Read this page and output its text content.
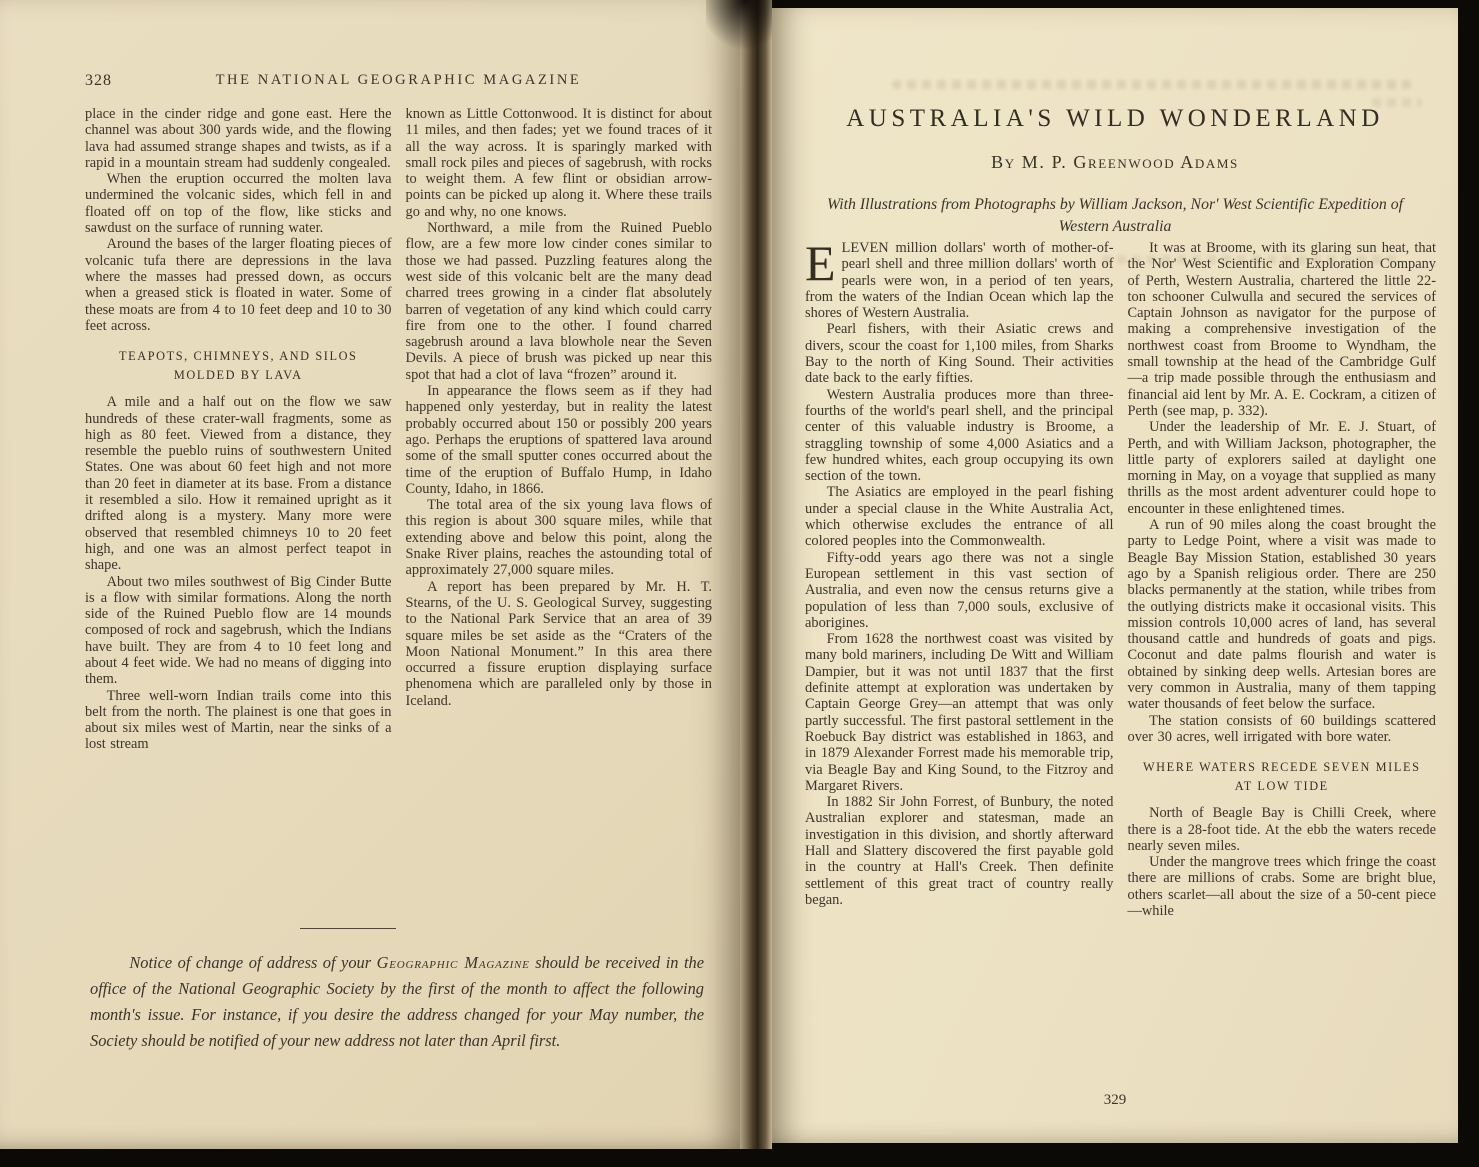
328	THE NATIONAL GEOGRAPHIC MAGAZINE

place in the cinder ridge and gone east. Here the channel was about 300 yards wide, and the flowing lava had assumed strange shapes and twists, as if a rapid in a mountain stream had suddenly congealed.

When the eruption occurred the molten lava undermined the volcanic sides, which fell in and floated off on top of the flow, like sticks and sawdust on the surface of running water.

Around the bases of the larger floating pieces of volcanic tufa there are depressions in the lava where the masses had pressed down, as occurs when a greased stick is floated in water. Some of these moats are from 4 to 10 feet deep and 10 to 30 feet across.

TEAPOTS, CHIMNEYS, AND SILOS MOLDED BY LAVA

A mile and a half out on the flow we saw hundreds of these crater-wall fragments, some as high as 80 feet. Viewed from a distance, they resemble the pueblo ruins of southwestern United States. One was about 60 feet high and not more than 20 feet in diameter at its base. From a distance it resembled a silo. How it remained upright as it drifted along is a mystery. Many more were observed that resembled chimneys 10 to 20 feet high, and one was an almost perfect teapot in shape.

About two miles southwest of Big Cinder Butte is a flow with similar formations. Along the north side of the Ruined Pueblo flow are 14 mounds composed of rock and sagebrush, which the Indians have built. They are from 4 to 10 feet long and about 4 feet wide. We had no means of digging into them.

Three well-worn Indian trails come into this belt from the north. The plainest is one that goes in about six miles west of Martin, near the sinks of a lost stream

known as Little Cottonwood. It is distinct for about 11 miles, and then fades; yet we found traces of it all the way across. It is sparingly marked with small rock piles and pieces of sagebrush, with rocks to weight them. A few flint or obsidian arrow-points can be picked up along it. Where these trails go and why, no one knows.

Northward, a mile from the Ruined Pueblo flow, are a few more low cinder cones similar to those we had passed. Puzzling features along the west side of this volcanic belt are the many dead charred trees growing in a cinder flat absolutely barren of vegetation of any kind which could carry fire from one to the other. I found charred sagebrush around a lava blowhole near the Seven Devils. A piece of brush was picked up near this spot that had a clot of lava “frozen” around it.

In appearance the flows seem as if they had happened only yesterday, but in reality the latest probably occurred about 150 or possibly 200 years ago. Perhaps the eruptions of spattered lava around some of the small sputter cones occurred about the time of the eruption of Buffalo Hump, in Idaho County, Idaho, in 1866.

The total area of the six young lava flows of this region is about 300 square miles, while that extending above and below this point, along the Snake River plains, reaches the astounding total of approximately 27,000 square miles.

A report has been prepared by Mr. H. T. Stearns, of the U. S. Geological Survey, suggesting to the National Park Service that an area of 39 square miles be set aside as the “Craters of the Moon National Monument.” In this area there occurred a fissure eruption displaying surface phenomena which are paralleled only by those in Iceland.

Notice of change of address of your Geographic Magazine should be received in the office of the National Geographic Society by the first of the month to affect the following month's issue. For instance, if you desire the address changed for your May number, the Society should be notified of your new address not later than April first.
AUSTRALIA'S WILD WONDERLAND
By M. P. Greenwood Adams
With Illustrations from Photographs by William Jackson, Nor' West Scientific Expedition of Western Australia

ELEVEN million dollars' worth of mother-of-pearl shell and three million dollars' worth of pearls were won, in a period of ten years, from the waters of the Indian Ocean which lap the shores of Western Australia.

Pearl fishers, with their Asiatic crews and divers, scour the coast for 1,100 miles, from Sharks Bay to the north of King Sound. Their activities date back to the early fifties.

Western Australia produces more than three-fourths of the world's pearl shell, and the principal center of this valuable industry is Broome, a straggling township of some 4,000 Asiatics and a few hundred whites, each group occupying its own section of the town.

The Asiatics are employed in the pearl fishing under a special clause in the White Australia Act, which otherwise excludes the entrance of all colored peoples into the Commonwealth.

Fifty-odd years ago there was not a single European settlement in this vast section of Australia, and even now the census returns give a population of less than 7,000 souls, exclusive of aborigines.

From 1628 the northwest coast was visited by many bold mariners, including De Witt and William Dampier, but it was not until 1837 that the first definite attempt at exploration was undertaken by Captain George Grey—an attempt that was only partly successful. The first pastoral settlement in the Roebuck Bay district was established in 1863, and in 1879 Alexander Forrest made his memorable trip, via Beagle Bay and King Sound, to the Fitzroy and Margaret Rivers.

In 1882 Sir John Forrest, of Bunbury, the noted Australian explorer and statesman, made an investigation in this division, and shortly afterward Hall and Slattery discovered the first payable gold in the country at Hall's Creek. Then definite settlement of this great tract of country really began.

It was at Broome, with its glaring sun heat, that the Nor' West Scientific and Exploration Company of Perth, Western Australia, chartered the little 22-ton schooner Culwulla and secured the services of Captain Johnson as navigator for the purpose of making a comprehensive investigation of the northwest coast from Broome to Wyndham, the small township at the head of the Cambridge Gulf—a trip made possible through the enthusiasm and financial aid lent by Mr. A. E. Cockram, a citizen of Perth (see map, p. 332).

Under the leadership of Mr. E. J. Stuart, of Perth, and with William Jackson, photographer, the little party of explorers sailed at daylight one morning in May, on a voyage that supplied as many thrills as the most ardent adventurer could hope to encounter in these enlightened times.

A run of 90 miles along the coast brought the party to Ledge Point, where a visit was made to Beagle Bay Mission Station, established 30 years ago by a Spanish religious order. There are 250 blacks permanently at the station, while tribes from the outlying districts make it occasional visits. This mission controls 10,000 acres of land, has several thousand cattle and hundreds of goats and pigs. Coconut and date palms flourish and water is obtained by sinking deep wells. Artesian bores are very common in Australia, many of them tapping water thousands of feet below the surface.

The station consists of 60 buildings scattered over 30 acres, well irrigated with bore water.

WHERE WATERS RECEDE SEVEN MILES AT LOW TIDE

North of Beagle Bay is Chilli Creek, where there is a 28-foot tide. At the ebb the waters recede nearly seven miles.

Under the mangrove trees which fringe the coast there are millions of crabs. Some are bright blue, others scarlet—all about the size of a 50-cent piece—while

329
